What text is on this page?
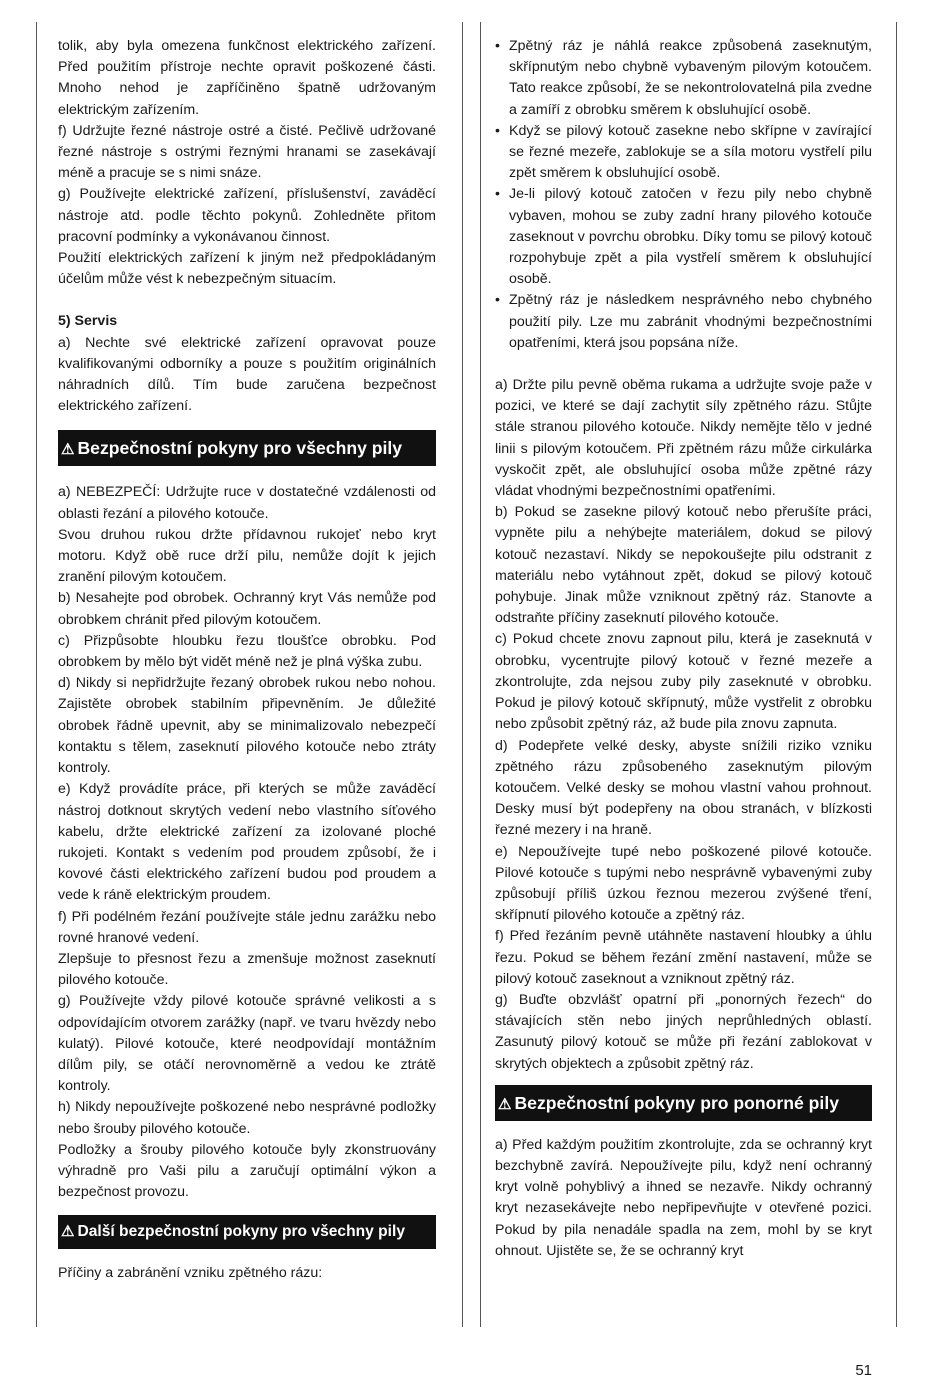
tolik, aby byla omezena funkčnost elektrického zařízení. Před použitím přístroje nechte opravit poškozené části. Mnoho nehod je zapříčiněno špatně udržovaným elektrickým zařízením.

f) Udržujte řezné nástroje ostré a čisté. Pečlivě udržované řezné nástroje s ostrými řeznými hranami se zasekávají méně a pracuje se s nimi snáze.

g) Používejte elektrické zařízení, příslušenství, zaváděcí nástroje atd. podle těchto pokynů. Zohledněte přitom pracovní podmínky a vykonávanou činnost.

Použití elektrických zařízení k jiným než předpokládaným účelům může vést k nebezpečným situacím.

5) Servis

a) Nechte své elektrické zařízení opravovat pouze kvalifikovanými odborníky a pouze s použitím originálních náhradních dílů. Tím bude zaručena bezpečnost elektrického zařízení.

⚠ Bezpečnostní pokyny pro všechny pily

a) NEBEZPEČÍ: Udržujte ruce v dostatečné vzdálenosti od oblasti řezání a pilového kotouče.

Svou druhou rukou držte přídavnou rukojeť nebo kryt motoru. Když obě ruce drží pilu, nemůže dojít k jejich zranění pilovým kotoučem.

b) Nesahejte pod obrobek. Ochranný kryt Vás nemůže pod obrobkem chránit před pilovým kotoučem.

c) Přizpůsobte hloubku řezu tloušťce obrobku. Pod obrobkem by mělo být vidět méně než je plná výška zubu.

d) Nikdy si nepřidržujte řezaný obrobek rukou nebo nohou. Zajistěte obrobek stabilním připevněním. Je důležité obrobek řádně upevnit, aby se minimalizovalo nebezpečí kontaktu s tělem, zaseknutí pilového kotouče nebo ztráty kontroly.

e) Když provádíte práce, při kterých se může zaváděcí nástroj dotknout skrytých vedení nebo vlastního síťového kabelu, držte elektrické zařízení za izolované ploché rukojeti. Kontakt s vedením pod proudem způsobí, že i kovové části elektrického zařízení budou pod proudem a vede k ráně elektrickým proudem.

f) Při podélném řezání používejte stále jednu zarážku nebo rovné hranové vedení.

Zlepšuje to přesnost řezu a zmenšuje možnost zaseknutí pilového kotouče.

g) Používejte vždy pilové kotouče správné velikosti a s odpovídajícím otvorem zarážky (např. ve tvaru hvězdy nebo kulatý). Pilové kotouče, které neodpovídají montážním dílům pily, se otáčí nerovnoměrně a vedou ke ztrátě kontroly.

h) Nikdy nepoužívejte poškozené nebo nesprávné podložky nebo šrouby pilového kotouče.

Podložky a šrouby pilového kotouče byly zkonstruovány výhradně pro Vaši pilu a zaručují optimální výkon a bezpečnost provozu.

⚠ Další bezpečnostní pokyny pro všechny pily

Příčiny a zabránění vzniku zpětného rázu:

• Zpětný ráz je náhlá reakce způsobená zaseknutým, skřípnutým nebo chybně vybaveným pilovým kotoučem. Tato reakce způsobí, že se nekontrolovatelná pila zvedne a zamíří z obrobku směrem k obsluhující osobě.
• Když se pilový kotouč zasekne nebo skřípne v zavírající se řezné mezeře, zablokuje se a síla motoru vystřelí pilu zpět směrem k obsluhující osobě.
• Je-li pilový kotouč zatočen v řezu pily nebo chybně vybaven, mohou se zuby zadní hrany pilového kotouče zaseknout v povrchu obrobku. Díky tomu se pilový kotouč rozpohybuje zpět a pila vystřelí směrem k obsluhující osobě.
• Zpětný ráz je následkem nesprávného nebo chybného použití pily. Lze mu zabránit vhodnými bezpečnostními opatřeními, která jsou popsána níže.

a) Držte pilu pevně oběma rukama a udržujte svoje paže v pozici, ve které se dají zachytit síly zpětného rázu. Stůjte stále stranou pilového kotouče. Nikdy nemějte tělo v jedné linii s pilovým kotoučem. Při zpětném rázu může cirkulárka vyskočit zpět, ale obsluhující osoba může zpětné rázy vládat vhodnými bezpečnostními opatřeními.

b) Pokud se zasekne pilový kotouč nebo přerušíte práci, vypněte pilu a nehýbejte materiálem, dokud se pilový kotouč nezastaví. Nikdy se nepokoušejte pilu odstranit z materiálu nebo vytáhnout zpět, dokud se pilový kotouč pohybuje. Jinak může vzniknout zpětný ráz. Stanovte a odstraňte příčiny zaseknutí pilového kotouče.

c) Pokud chcete znovu zapnout pilu, která je zaseknutá v obrobku, vycentrujte pilový kotouč v řezné mezeře a zkontrolujte, zda nejsou zuby pily zaseknuté v obrobku. Pokud je pilový kotouč skřípnutý, může vystřelit z obrobku nebo způsobit zpětný ráz, až bude pila znovu zapnuta.

d) Podepřete velké desky, abyste snížili riziko vzniku zpětného rázu způsobeného zaseknutým pilovým kotoučem. Velké desky se mohou vlastní vahou prohnout. Desky musí být podepřeny na obou stranách, v blízkosti řezné mezery i na hraně.

e) Nepoužívejte tupé nebo poškozené pilové kotouče. Pilové kotouče s tupými nebo nesprávně vybavenými zuby způsobují příliš úzkou řeznou mezerou zvýšené tření, skřípnutí pilového kotouče a zpětný ráz.

f) Před řezáním pevně utáhněte nastavení hloubky a úhlu řezu. Pokud se během řezání změní nastavení, může se pilový kotouč zaseknout a vzniknout zpětný ráz.

g) Buďte obzvlášť opatrní při „ponorných řezech“ do stávajících stěn nebo jiných neprůhledných oblastí. Zasunutý pilový kotouč se může při řezání zablokovat v skrytých objektech a způsobit zpětný ráz.

⚠ Bezpečnostní pokyny pro ponorné pily

a) Před každým použitím zkontrolujte, zda se ochranný kryt bezchybně zavírá. Nepoužívejte pilu, když není ochranný kryt volně pohyblivý a ihned se nezavře. Nikdy ochranný kryt nezasekávejte nebo nepřipevňujte v otevřené pozici. Pokud by pila nenadále spadla na zem, mohl by se kryt ohnout. Ujistěte se, že se ochranný kryt

51
